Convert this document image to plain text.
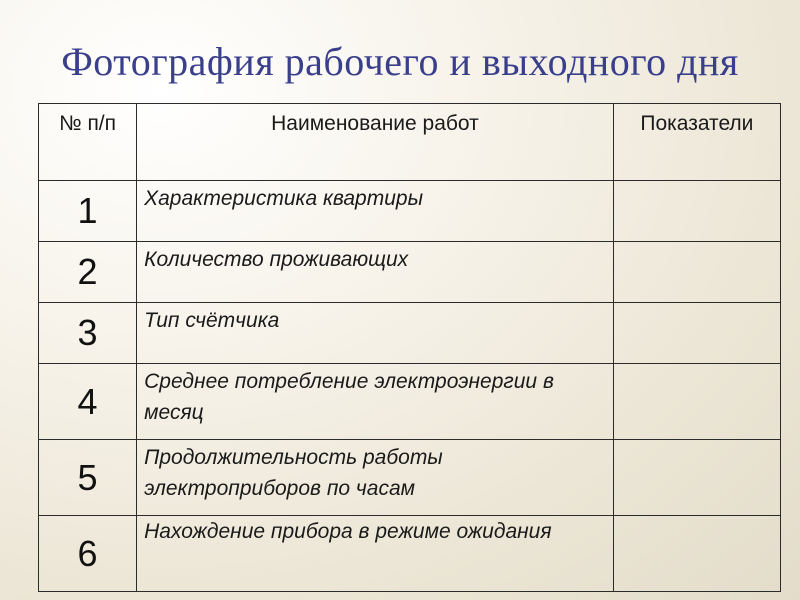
Фотография рабочего и выходного дня
№ п/п	Наименование работ	Показатели
1	Характеристика квартиры	
2	Количество проживающих	
3	Тип счётчика	
4	Среднее потребление электроэнергии в месяц	
5	Продолжительность работы электроприборов по часам	
6	Нахождение прибора в режиме ожидания	
